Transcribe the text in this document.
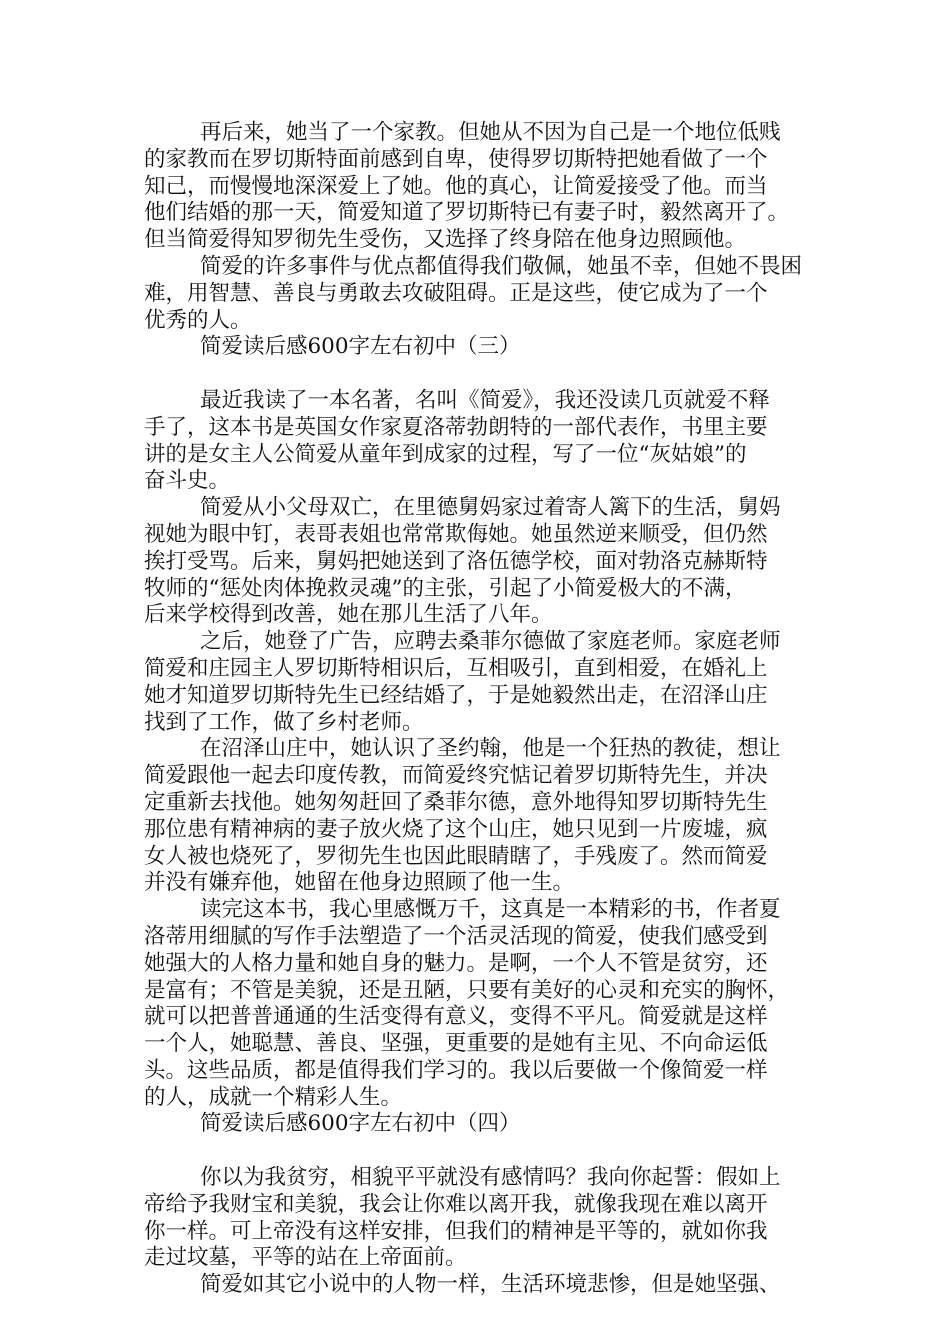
再后来，她当了一个家教。但她从不因为自己是一个地位低贱
的家教而在罗切斯特面前感到自卑，使得罗切斯特把她看做了一个
知己，而慢慢地深深爱上了她。他的真心，让简爱接受了他。而当
他们结婚的那一天，简爱知道了罗切斯特已有妻子时，毅然离开了。
但当简爱得知罗彻先生受伤，又选择了终身陪在他身边照顾他。
简爱的许多事件与优点都值得我们敬佩，她虽不幸，但她不畏困
难，用智慧、善良与勇敢去攻破阻碍。正是这些，使它成为了一个
优秀的人。
简爱读后感600字左右初中（三）
最近我读了一本名著，名叫《简爱》，我还没读几页就爱不释
手了，这本书是英国女作家夏洛蒂勃朗特的一部代表作，书里主要
讲的是女主人公简爱从童年到成家的过程，写了一位“灰姑娘”的
奋斗史。
简爱从小父母双亡，在里德舅妈家过着寄人篱下的生活，舅妈
视她为眼中钉，表哥表姐也常常欺侮她。她虽然逆来顺受，但仍然
挨打受骂。后来，舅妈把她送到了洛伍德学校，面对勃洛克赫斯特
牧师的“惩处肉体挽救灵魂”的主张，引起了小简爱极大的不满，
后来学校得到改善，她在那儿生活了八年。
之后，她登了广告，应聘去桑菲尔德做了家庭老师。家庭老师
简爱和庄园主人罗切斯特相识后，互相吸引，直到相爱，在婚礼上
她才知道罗切斯特先生已经结婚了，于是她毅然出走，在沼泽山庄
找到了工作，做了乡村老师。
在沼泽山庄中，她认识了圣约翰，他是一个狂热的教徒，想让
简爱跟他一起去印度传教，而简爱终究惦记着罗切斯特先生，并决
定重新去找他。她匆匆赶回了桑菲尔德，意外地得知罗切斯特先生
那位患有精神病的妻子放火烧了这个山庄，她只见到一片废墟，疯
女人被也烧死了，罗彻先生也因此眼睛瞎了，手残废了。然而简爱
并没有嫌弃他，她留在他身边照顾了他一生。
读完这本书，我心里感慨万千，这真是一本精彩的书，作者夏
洛蒂用细腻的写作手法塑造了一个活灵活现的简爱，使我们感受到
她强大的人格力量和她自身的魅力。是啊，一个人不管是贫穷，还
是富有；不管是美貌，还是丑陋，只要有美好的心灵和充实的胸怀，
就可以把普普通通的生活变得有意义，变得不平凡。简爱就是这样
一个人，她聪慧、善良、坚强，更重要的是她有主见、不向命运低
头。这些品质，都是值得我们学习的。我以后要做一个像简爱一样
的人，成就一个精彩人生。
简爱读后感600字左右初中（四）
你以为我贫穷，相貌平平就没有感情吗？我向你起誓：假如上
帝给予我财宝和美貌，我会让你难以离开我，就像我现在难以离开
你一样。可上帝没有这样安排，但我们的精神是平等的，就如你我
走过坟墓，平等的站在上帝面前。
简爱如其它小说中的人物一样，生活环境悲惨，但是她坚强、
